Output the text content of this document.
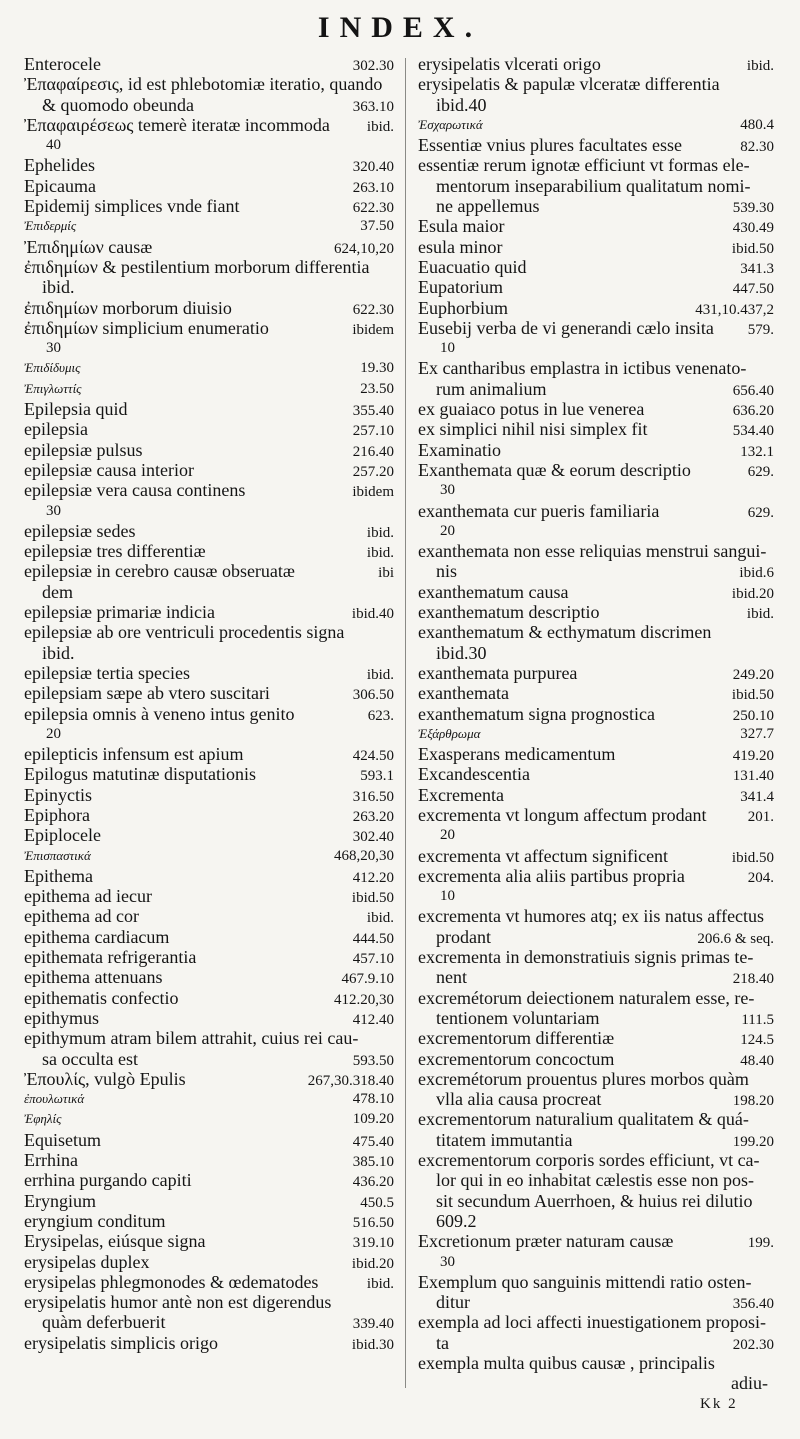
INDEX.
Enterocele	302.30
Ἐπαφαίρεσις, id est phlebotomiæ iteratio, quando
& quomodo obeunda	363.10
Ἐπαφαιρέσεως temerè iteratæ incommoda	ibid.
40
Ephelides	320.40
Epicauma	263.10
Epidemij simplices vnde fiant	622.30
Ἐπιδερμίς	37.50
Ἐπιδημίων causæ	624,10,20
ἐπιδημίων & pestilentium morborum differentia
ibid.
ἐπιδημίων morborum diuisio	622.30
ἐπιδημίων simplicium enumeratio	ibidem
30
Ἐπιδίδυμις	19.30
Ἐπιγλωττίς	23.50
Epilepsia quid	355.40
epilepsia	257.10
epilepsiæ pulsus	216.40
epilepsiæ causa interior	257.20
epilepsiæ vera causa continens	ibidem
30
epilepsiæ sedes	ibid.
epilepsiæ tres differentiæ	ibid.
epilepsiæ in cerebro causæ obseruatæ	ibi
dem
epilepsiæ primariæ indicia	ibid.40
epilepsiæ ab ore ventriculi procedentis signa
ibid.
epilepsiæ tertia species	ibid.
epilepsiam sæpe ab vtero suscitari	306.50
epilepsia omnis à veneno intus genito	623.
20
epilepticis infensum est apium	424.50
Epilogus matutinæ disputationis	593.1
Epinyctis	316.50
Epiphora	263.20
Epiplocele	302.40
Ἐπισπαστικά	468,20,30
Epithema	412.20
epithema ad iecur	ibid.50
epithema ad cor	ibid.
epithema cardiacum	444.50
epithemata refrigerantia	457.10
epithema attenuans	467.9.10
epithematis confectio	412.20,30
epithymus	412.40
epithymum atram bilem attrahit, cuius rei cau-
sa occulta est	593.50
Ἐπουλίς, vulgò Epulis	267,30.318.40
ἐπουλωτικά	478.10
Ἐφηλίς	109.20
Equisetum	475.40
Errhina	385.10
errhina purgando capiti	436.20
Eryngium	450.5
eryngium conditum	516.50
Erysipelas, eiúsque signa	319.10
erysipelas duplex	ibid.20
erysipelas phlegmonodes & œdematodes	ibid.
erysipelatis humor antè non est digerendus
quàm deferbuerit	339.40
erysipelatis simplicis origo	ibid.30
erysipelatis vlcerati origo	ibid.
erysipelatis & papulæ vlceratæ differentia
ibid.40
Ἐσχαρωτικά	480.4
Essentiæ vnius plures facultates esse	82.30
essentiæ rerum ignotæ efficiunt vt formas ele-
mentorum inseparabilium qualitatum nomi-
ne appellemus	539.30
Esula maior	430.49
esula minor	ibid.50
Euacuatio quid	341.3
Eupatorium	447.50
Euphorbium	431,10.437,2
Eusebij verba de vi generandi cælo insita	579.
10
Ex cantharibus emplastra in ictibus venenato-
rum animalium	656.40
ex guaiaco potus in lue venerea	636.20
ex simplici nihil nisi simplex fit	534.40
Examinatio	132.1
Exanthemata quæ & eorum descriptio	629.
30
exanthemata cur pueris familiaria	629.
20
exanthemata non esse reliquias menstrui sangui-
nis	ibid.6
exanthematum causa	ibid.20
exanthematum descriptio	ibid.
exanthematum & ecthymatum discrimen
ibid.30
exanthemata purpurea	249.20
exanthemata	ibid.50
exanthematum signa prognostica	250.10
Ἐξάρθρωμα	327.7
Exasperans medicamentum	419.20
Excandescentia	131.40
Excrementa	341.4
excrementa vt longum affectum prodant	201.
20
excrementa vt affectum significent	ibid.50
excrementa alia aliis partibus propria	204.
10
excrementa vt humores atq; ex iis natus affectus
prodant	206.6 & seq.
excrementa in demonstratiuis signis primas te-
nent	218.40
excremétorum deiectionem naturalem esse, re-
tentionem voluntariam	111.5
excrementorum differentiæ	124.5
excrementorum concoctum	48.40
excremétorum prouentus plures morbos quàm
vlla alia causa procreat	198.20
excrementorum naturalium qualitatem & quá-
titatem immutantia	199.20
excrementorum corporis sordes efficiunt, vt ca-
lor qui in eo inhabitat cælestis esse non pos-
sit secundum Auerrhoen, & huius rei dilutio
609.2
Excretionum præter naturam causæ	199.
30
Exemplum quo sanguinis mittendi ratio osten-
ditur	356.40
exempla ad loci affecti inuestigationem proposi-
ta	202.30
exempla multa quibus causæ , principalis
adiu-
Kk 2
